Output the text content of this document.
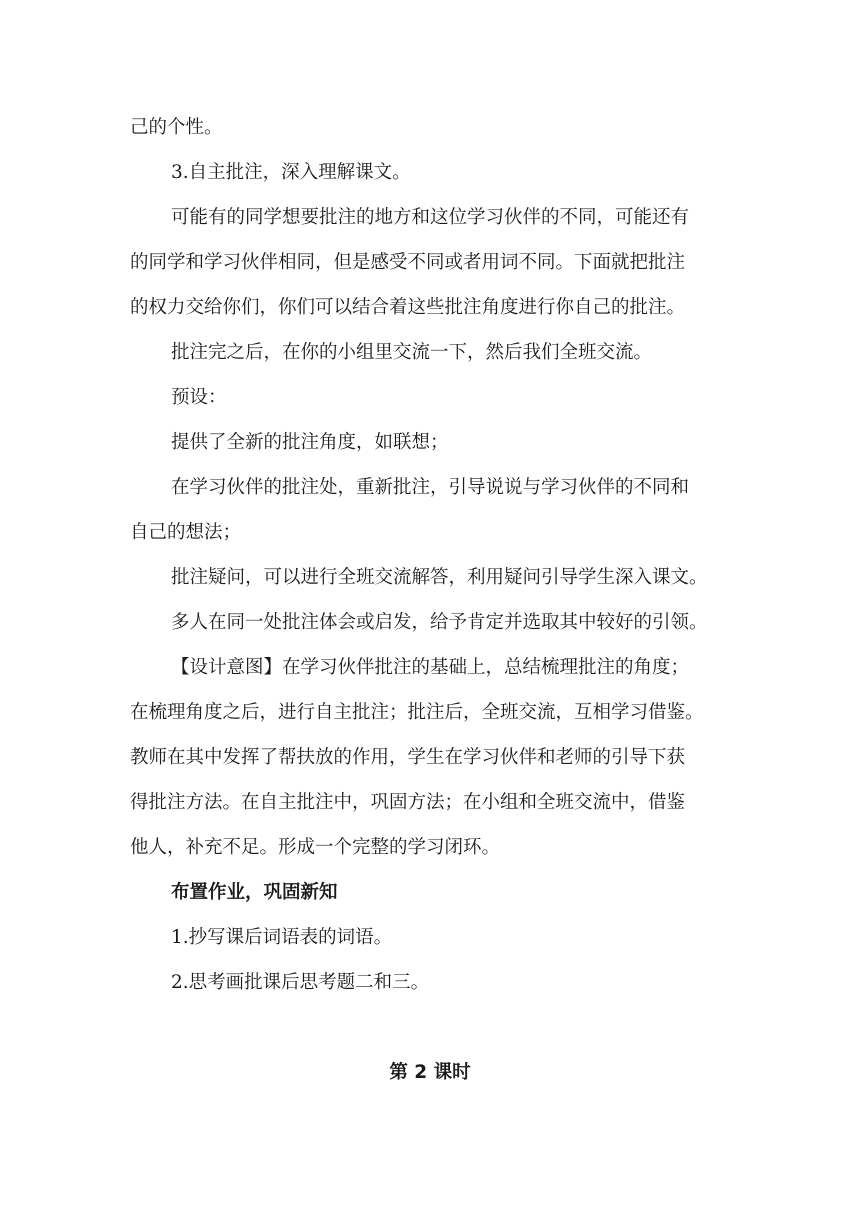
己的个性。
3.自主批注，深入理解课文。
可能有的同学想要批注的地方和这位学习伙伴的不同，可能还有
的同学和学习伙伴相同，但是感受不同或者用词不同。下面就把批注
的权力交给你们，你们可以结合着这些批注角度进行你自己的批注。
批注完之后，在你的小组里交流一下，然后我们全班交流。
预设：
提供了全新的批注角度，如联想；
在学习伙伴的批注处，重新批注，引导说说与学习伙伴的不同和
自己的想法；
批注疑问，可以进行全班交流解答，利用疑问引导学生深入课文。
多人在同一处批注体会或启发，给予肯定并选取其中较好的引领。
【设计意图】在学习伙伴批注的基础上，总结梳理批注的角度；
在梳理角度之后，进行自主批注；批注后，全班交流，互相学习借鉴。
教师在其中发挥了帮扶放的作用，学生在学习伙伴和老师的引导下获
得批注方法。在自主批注中，巩固方法；在小组和全班交流中，借鉴
他人，补充不足。形成一个完整的学习闭环。
布置作业，巩固新知
1.抄写课后词语表的词语。
2.思考画批课后思考题二和三。
第 2 课时
